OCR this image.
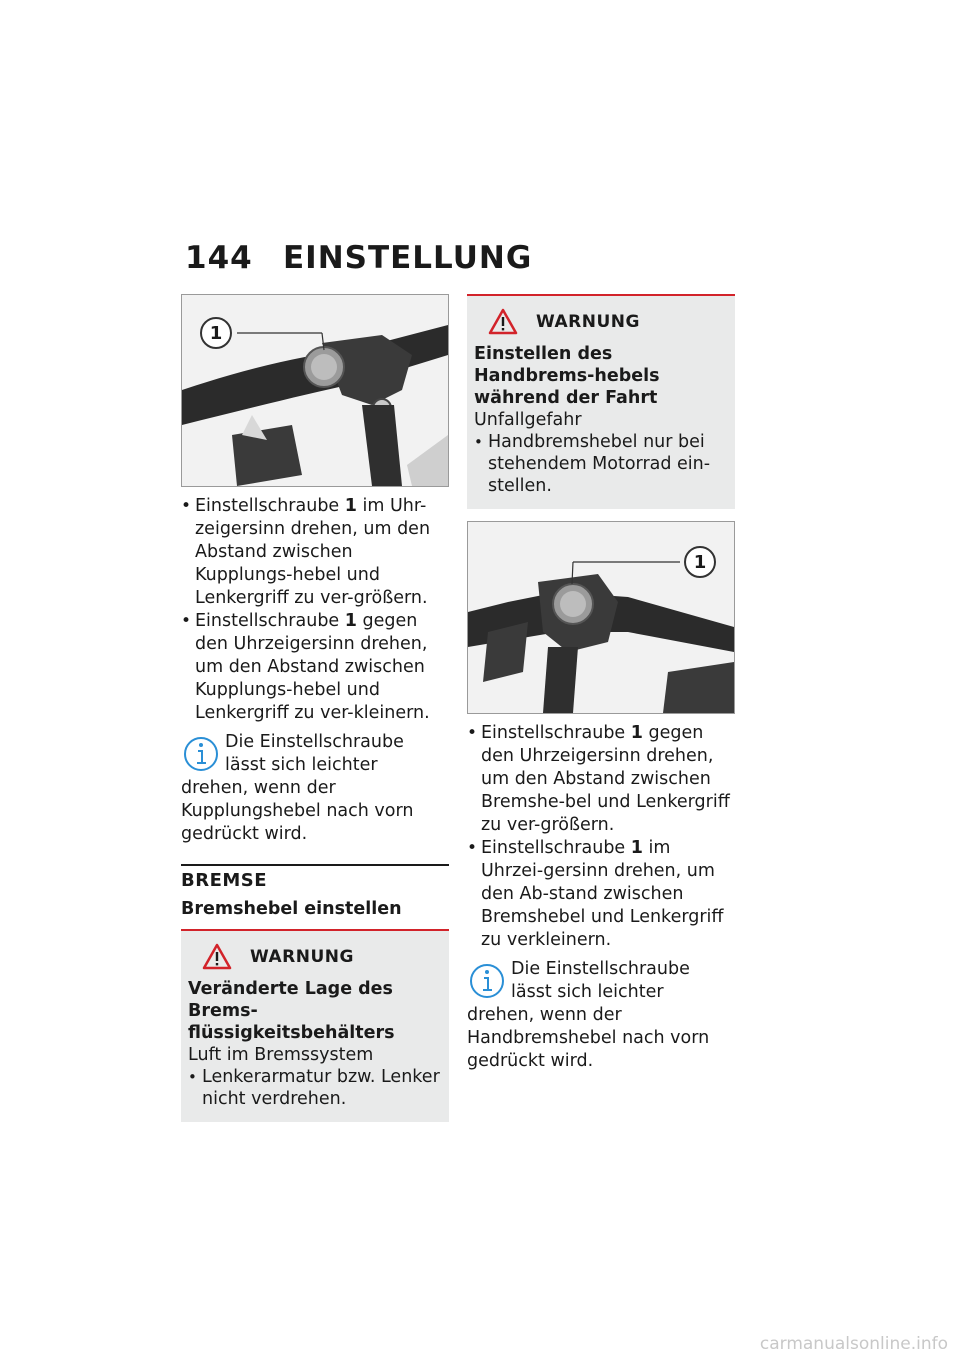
144 EINSTELLUNG
1
• Einstellschraube 1 im Uhr-zeigersinn drehen, um den Abstand zwischen Kupplungs-hebel und Lenkergriff zu ver-größern.
• Einstellschraube 1 gegen den Uhrzeigersinn drehen, um den Abstand zwischen Kupplungs-hebel und Lenkergriff zu ver-kleinern.

Die Einstellschraube lässt sich leichter drehen, wenn der Kupplungshebel nach vorn gedrückt wird.

BREMSE
Bremshebel einstellen
WARNUNG
Veränderte Lage des Brems-flüssigkeitsbehälters
Luft im Bremssystem
• Lenkerarmatur bzw. Lenker nicht verdrehen.
WARNUNG
Einstellen des Handbrems-hebels während der Fahrt
Unfallgefahr
• Handbremshebel nur bei stehendem Motorrad ein-stellen.
1
• Einstellschraube 1 gegen den Uhrzeigersinn drehen, um den Abstand zwischen Bremshe-bel und Lenkergriff zu ver-größern.
• Einstellschraube 1 im Uhrzei-gersinn drehen, um den Ab-stand zwischen Bremshebel und Lenkergriff zu verkleinern.

Die Einstellschraube lässt sich leichter drehen, wenn der Handbremshebel nach vorn gedrückt wird.

carmanualsonline.info
